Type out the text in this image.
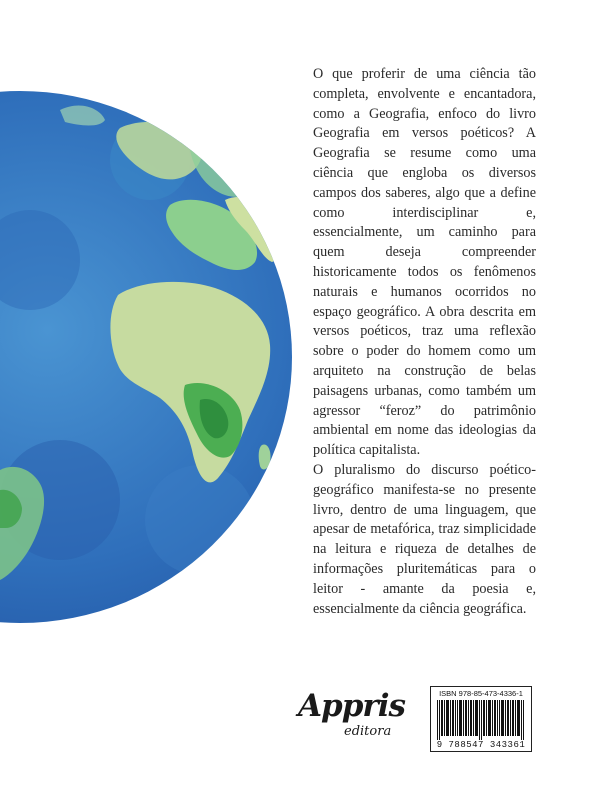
O que proferir de uma ciência tão completa, envolvente e encantadora, como a Geografia, enfoco do livro Geografia em versos poéticos? A Geografia se resume como uma ciência que engloba os diversos campos dos saberes, algo que a define como interdisciplinar e, essencialmente, um caminho para quem deseja compreender historicamente todos os fenômenos naturais e humanos ocorridos no espaço geográfico. A obra descrita em versos poéticos, traz uma reflexão sobre o poder do homem como um arquiteto na construção de belas paisagens urbanas, como também um agressor “feroz” do patrimônio ambiental em nome das ideologias da política capitalista.

O pluralismo do discurso poético-geográfico manifesta-se no presente livro, dentro de uma linguagem, que apesar de metafórica, traz simplicidade na leitura e riqueza de detalhes de informações pluritemáticas para o leitor - amante da poesia e, essencialmente da ciência geográfica.

Appris
editora
ISBN 978-85-473-4336-1
9 788547 343361
